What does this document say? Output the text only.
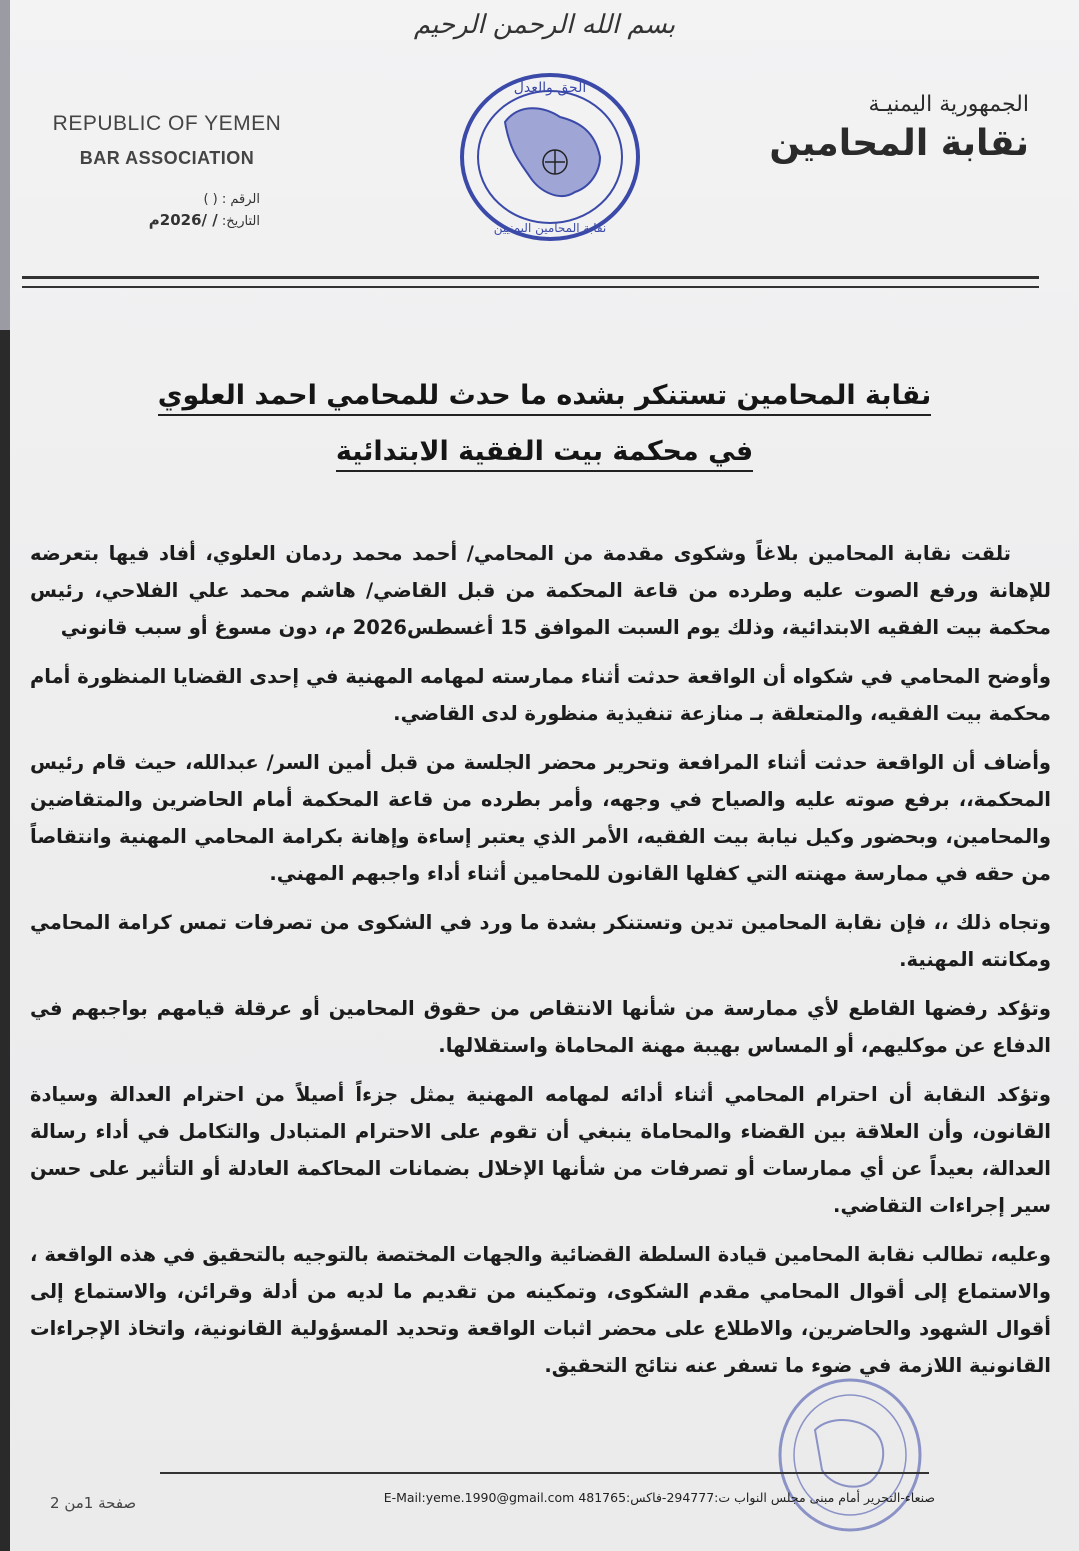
بسم الله الرحمن الرحيم
REPUBLIC OF YEMEN
BAR ASSOCIATION
الرقم : ( )
التاريخ: / /2026م
الحق والعدل
نقابة المحامين اليمنيين
الجمهورية اليمنيـة
نقابة المحامين
نقابة المحامين تستنكر بشده ما حدث للمحامي احمد العلوي
في محكمة بيت الفقية الابتدائية

تلقت نقابة المحامين بلاغاً وشكوى مقدمة من المحامي/ أحمد محمد ردمان العلوي، أفاد فيها بتعرضه للإهانة ورفع الصوت عليه وطرده من قاعة المحكمة من قبل القاضي/ هاشم محمد علي الفلاحي، رئيس محكمة بيت الفقيه الابتدائية، وذلك يوم السبت الموافق 15 أغسطس2026 م، دون مسوغ أو سبب قانوني

وأوضح المحامي في شكواه أن الواقعة حدثت أثناء ممارسته لمهامه المهنية في إحدى القضايا المنظورة أمام محكمة بيت الفقيه، والمتعلقة بـ منازعة تنفيذية منظورة لدى القاضي.

وأضاف أن الواقعة حدثت أثناء المرافعة وتحرير محضر الجلسة من قبل أمين السر/ عبدالله، حيث قام رئيس المحكمة،، برفع صوته عليه والصياح في وجهه، وأمر بطرده من قاعة المحكمة أمام الحاضرين والمتقاضين والمحامين، وبحضور وكيل نيابة بيت الفقيه، الأمر الذي يعتبر إساءة وإهانة بكرامة المحامي المهنية وانتقاصاً من حقه في ممارسة مهنته التي كفلها القانون للمحامين أثناء أداء واجبهم المهني.

وتجاه ذلك ،، فإن نقابة المحامين تدين وتستنكر بشدة ما ورد في الشكوى من تصرفات تمس كرامة المحامي ومكانته المهنية.

وتؤكد رفضها القاطع لأي ممارسة من شأنها الانتقاص من حقوق المحامين أو عرقلة قيامهم بواجبهم في الدفاع عن موكليهم، أو المساس بهيبة مهنة المحاماة واستقلالها.

وتؤكد النقابة أن احترام المحامي أثناء أدائه لمهامه المهنية يمثل جزءاً أصيلاً من احترام العدالة وسيادة القانون، وأن العلاقة بين القضاء والمحاماة ينبغي أن تقوم على الاحترام المتبادل والتكامل في أداء رسالة العدالة، بعيداً عن أي ممارسات أو تصرفات من شأنها الإخلال بضمانات المحاكمة العادلة أو التأثير على حسن سير إجراءات التقاضي.

وعليه، تطالب نقابة المحامين قيادة السلطة القضائية والجهات المختصة بالتوجيه بالتحقيق في هذه الواقعة ، والاستماع إلى أقوال المحامي مقدم الشكوى، وتمكينه من تقديم ما لديه من أدلة وقرائن، والاستماع إلى أقوال الشهود والحاضرين، والاطلاع على محضر اثبات الواقعة وتحديد المسؤولية القانونية، واتخاذ الإجراءات القانونية اللازمة في ضوء ما تسفر عنه نتائج التحقيق.

صنعاء-التحرير أمام مبنى مجلس النواب ت:294777-فاكس:481765 E-Mail:yeme.1990@gmail.com
صفحة 1من 2
